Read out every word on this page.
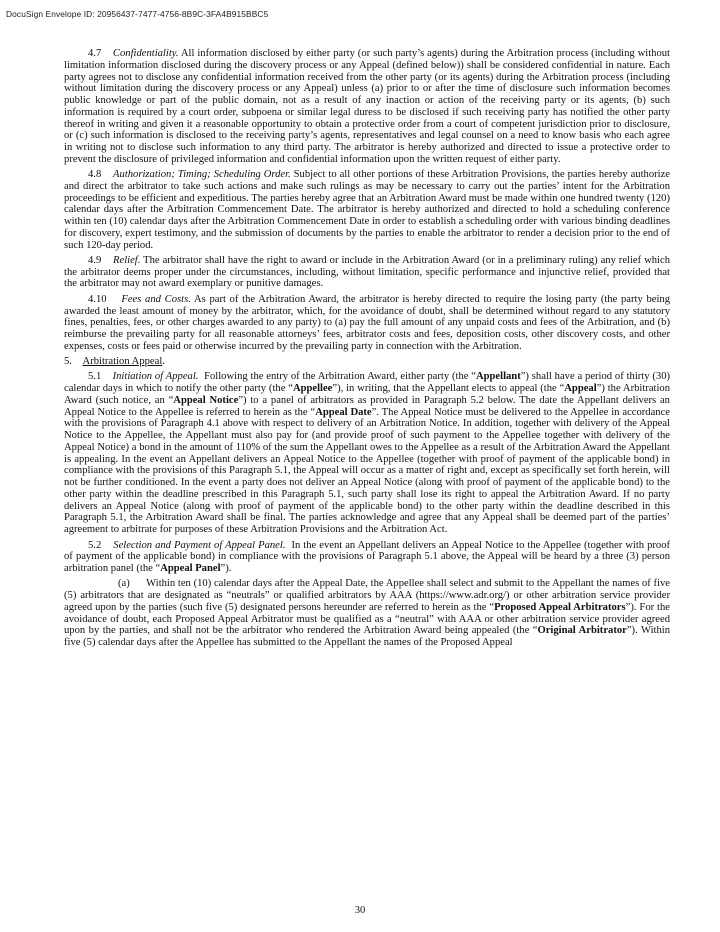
DocuSign Envelope ID: 20956437-7477-4756-8B9C-3FA4B915BBC5

4.7 Confidentiality. All information disclosed by either party (or such party’s agents) during the Arbitration process (including without limitation information disclosed during the discovery process or any Appeal (defined below)) shall be considered confidential in nature. Each party agrees not to disclose any confidential information received from the other party (or its agents) during the Arbitration process (including without limitation during the discovery process or any Appeal) unless (a) prior to or after the time of disclosure such information becomes public knowledge or part of the public domain, not as a result of any inaction or action of the receiving party or its agents, (b) such information is required by a court order, subpoena or similar legal duress to be disclosed if such receiving party has notified the other party thereof in writing and given it a reasonable opportunity to obtain a protective order from a court of competent jurisdiction prior to disclosure, or (c) such information is disclosed to the receiving party’s agents, representatives and legal counsel on a need to know basis who each agree in writing not to disclose such information to any third party. The arbitrator is hereby authorized and directed to issue a protective order to prevent the disclosure of privileged information and confidential information upon the written request of either party.

4.8 Authorization; Timing; Scheduling Order. Subject to all other portions of these Arbitration Provisions, the parties hereby authorize and direct the arbitrator to take such actions and make such rulings as may be necessary to carry out the parties’ intent for the Arbitration proceedings to be efficient and expeditious. The parties hereby agree that an Arbitration Award must be made within one hundred twenty (120) calendar days after the Arbitration Commencement Date. The arbitrator is hereby authorized and directed to hold a scheduling conference within ten (10) calendar days after the Arbitration Commencement Date in order to establish a scheduling order with various binding deadlines for discovery, expert testimony, and the submission of documents by the parties to enable the arbitrator to render a decision prior to the end of such 120-day period.

4.9 Relief. The arbitrator shall have the right to award or include in the Arbitration Award (or in a preliminary ruling) any relief which the arbitrator deems proper under the circumstances, including, without limitation, specific performance and injunctive relief, provided that the arbitrator may not award exemplary or punitive damages.

4.10 Fees and Costs. As part of the Arbitration Award, the arbitrator is hereby directed to require the losing party (the party being awarded the least amount of money by the arbitrator, which, for the avoidance of doubt, shall be determined without regard to any statutory fines, penalties, fees, or other charges awarded to any party) to (a) pay the full amount of any unpaid costs and fees of the Arbitration, and (b) reimburse the prevailing party for all reasonable attorneys’ fees, arbitrator costs and fees, deposition costs, other discovery costs, and other expenses, costs or fees paid or otherwise incurred by the prevailing party in connection with the Arbitration.

5. Arbitration Appeal.

5.1 Initiation of Appeal. Following the entry of the Arbitration Award, either party (the “Appellant”) shall have a period of thirty (30) calendar days in which to notify the other party (the “Appellee”), in writing, that the Appellant elects to appeal (the “Appeal”) the Arbitration Award (such notice, an “Appeal Notice”) to a panel of arbitrators as provided in Paragraph 5.2 below. The date the Appellant delivers an Appeal Notice to the Appellee is referred to herein as the “Appeal Date”. The Appeal Notice must be delivered to the Appellee in accordance with the provisions of Paragraph 4.1 above with respect to delivery of an Arbitration Notice. In addition, together with delivery of the Appeal Notice to the Appellee, the Appellant must also pay for (and provide proof of such payment to the Appellee together with delivery of the Appeal Notice) a bond in the amount of 110% of the sum the Appellant owes to the Appellee as a result of the Arbitration Award the Appellant is appealing. In the event an Appellant delivers an Appeal Notice to the Appellee (together with proof of payment of the applicable bond) in compliance with the provisions of this Paragraph 5.1, the Appeal will occur as a matter of right and, except as specifically set forth herein, will not be further conditioned. In the event a party does not deliver an Appeal Notice (along with proof of payment of the applicable bond) to the other party within the deadline prescribed in this Paragraph 5.1, such party shall lose its right to appeal the Arbitration Award. If no party delivers an Appeal Notice (along with proof of payment of the applicable bond) to the other party within the deadline described in this Paragraph 5.1, the Arbitration Award shall be final. The parties acknowledge and agree that any Appeal shall be deemed part of the parties’ agreement to arbitrate for purposes of these Arbitration Provisions and the Arbitration Act.

5.2 Selection and Payment of Appeal Panel. In the event an Appellant delivers an Appeal Notice to the Appellee (together with proof of payment of the applicable bond) in compliance with the provisions of Paragraph 5.1 above, the Appeal will be heard by a three (3) person arbitration panel (the “Appeal Panel”).

(a) Within ten (10) calendar days after the Appeal Date, the Appellee shall select and submit to the Appellant the names of five (5) arbitrators that are designated as “neutrals” or qualified arbitrators by AAA (https://www.adr.org/) or other arbitration service provider agreed upon by the parties (such five (5) designated persons hereunder are referred to herein as the “Proposed Appeal Arbitrators”). For the avoidance of doubt, each Proposed Appeal Arbitrator must be qualified as a “neutral” with AAA or other arbitration service provider agreed upon by the parties, and shall not be the arbitrator who rendered the Arbitration Award being appealed (the “Original Arbitrator”). Within five (5) calendar days after the Appellee has submitted to the Appellant the names of the Proposed Appeal

30
